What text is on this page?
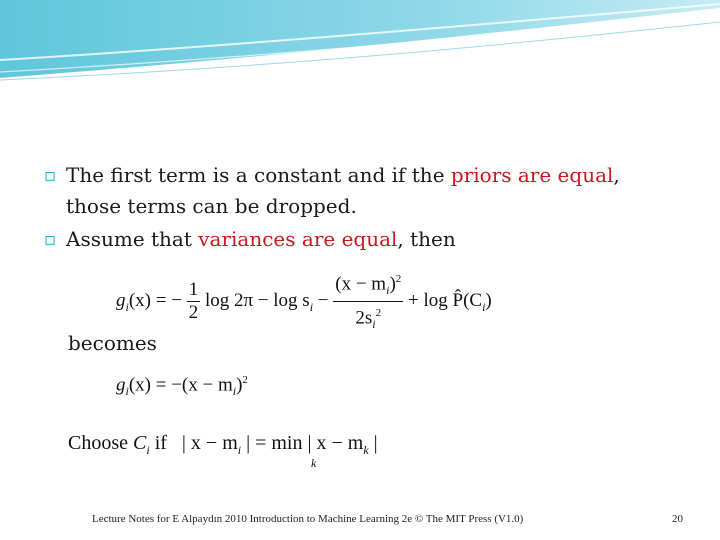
▫ The first term is a constant and if the priors are equal,
those terms can be dropped.
▫ Assume that variances are equal, then
$g_i(x)$ = − $\frac{1}{2}$ $\log 2\pi - \log s_i - \frac{(x - m_i)^2}{2s_i^2} + \log$ $P̂(C_i)$
becomes
$g_i(x) = -(x - m_i)^2$
Choose $C_i$ if | $x - m_i$ | = min | $x - m_k$ |
k
Lecture Notes for E Alpaydın 2010 Introduction to Machine Learning 2e © The MIT Press (V1.0)	20
